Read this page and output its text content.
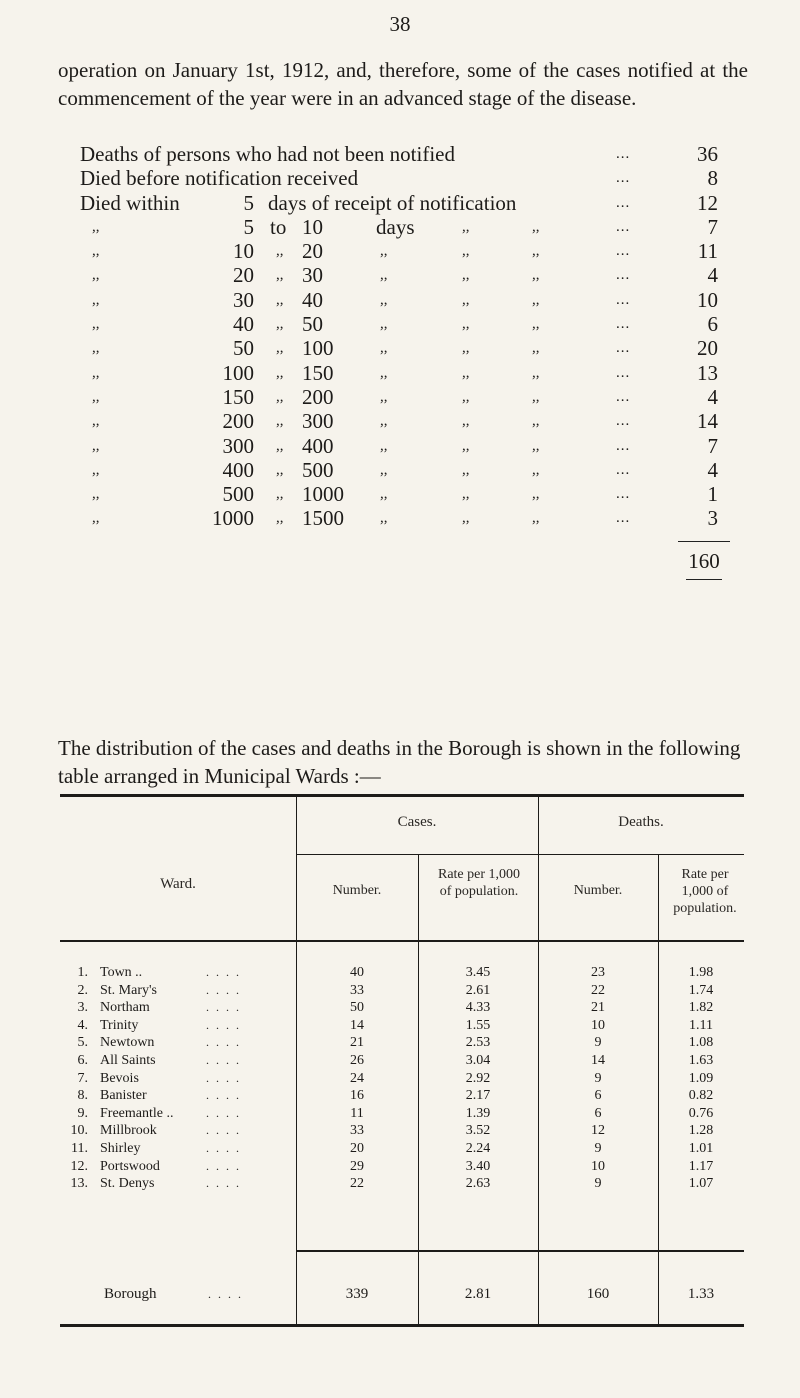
38
operation on January 1st, 1912, and, therefore, some of the cases notified at the commencement of the year were in an advanced stage of the disease.
Deaths of persons who had not been notified	...	36
Died before notification received	...	8
Died within	5 days of receipt of notification	...	12
,,	5 to 10	days	,,	,,	...	7
,,	10 ,, 20	,,	,,	,,	...	11
,,	20 ,, 30	,,	,,	,,	...	4
,,	30 ,, 40	,,	,,	,,	...	10
,,	40 ,, 50	,,	,,	,,	...	6
,,	50 ,, 100	,,	,,	,,	...	20
,,	100 ,, 150	,,	,,	,,	...	13
,,	150 ,, 200	,,	,,	,,	...	4
,,	200 ,, 300	,,	,,	,,	...	14
,,	300 ,, 400	,,	,,	,,	...	7
,,	400 ,, 500	,,	,,	,,	...	4
,,	500 ,, 1000	,,	,,	,,	...	1
,,	1000 ,, 1500	,,	,,	,,	...	3
160
The distribution of the cases and deaths in the Borough is shown in the following table arranged in Municipal Wards :—
Ward.
Cases.	Deaths.
Number.
Rate per 1,000 of population.	Number.
Rate per 1,000 of population.
1. Town ..	. . . .	40	3.45	23	1.98
2. St. Mary's	. . . .	33	2.61	22	1.74
3. Northam	. . . .	50	4.33	21	1.82
4. Trinity	. . . .	14	1.55	10	1.11
5. Newtown	. . . .	21	2.53	9	1.08
6. All Saints	. . . .	26	3.04	14	1.63
7. Bevois	. . . .	24	2.92	9	1.09
8. Banister	. . . .	16	2.17	6	0.82
9. Freemantle ..	. . . .	11	1.39	6	0.76
10. Millbrook	. . . .	33	3.52	12	1.28
11. Shirley	. . . .	20	2.24	9	1.01
12. Portswood	. . . .	29	3.40	10	1.17
13. St. Denys	. . . .	22	2.63	9	1.07
Borough	. . . .	339	2.81	160	1.33
